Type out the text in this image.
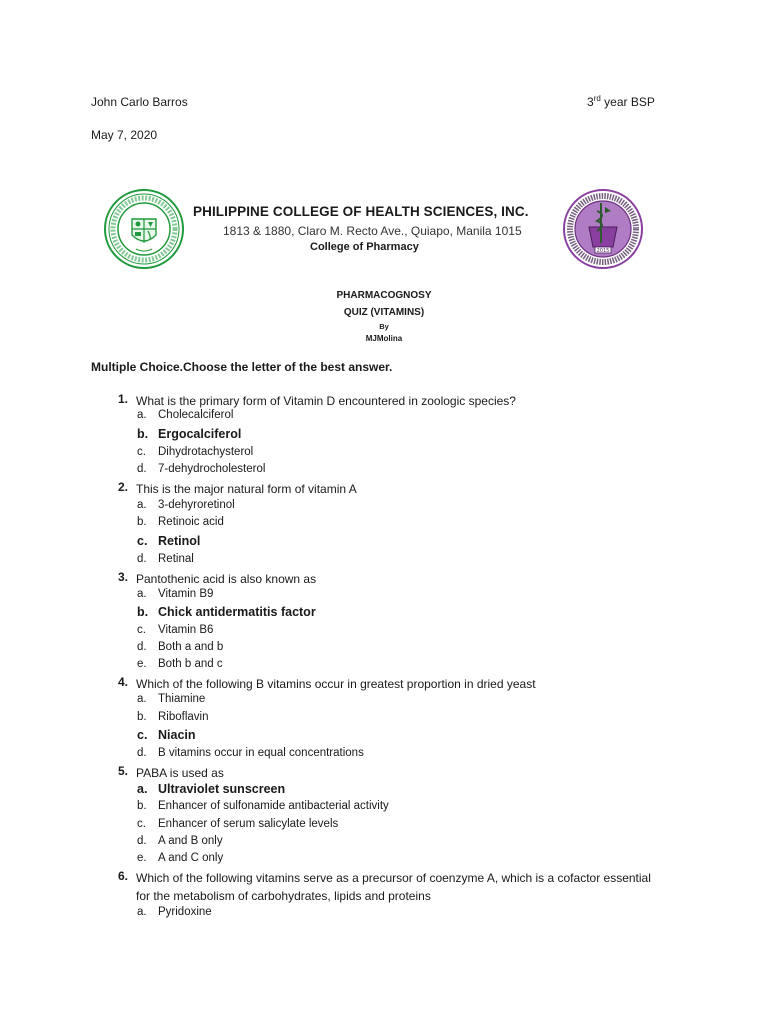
John Carlo Barros	3rd year BSP
May 7, 2020
2015
PHILIPPINE COLLEGE OF HEALTH SCIENCES, INC.
1813 & 1880, Claro M. Recto Ave., Quiapo, Manila 1015
College of Pharmacy
PHARMACOGNOSY
QUIZ (VITAMINS)
By
MJMolina
Multiple Choice.Choose the letter of the best answer.
1. What is the primary form of Vitamin D encountered in zoologic species?
a. Cholecalciferol
b. Ergocalciferol
c. Dihydrotachysterol
d. 7-dehydrocholesterol
2. This is the major natural form of vitamin A
a. 3-dehyroretinol
b. Retinoic acid
c. Retinol
d. Retinal
3. Pantothenic acid is also known as
a. Vitamin B9
b. Chick antidermatitis factor
c. Vitamin B6
d. Both a and b
e. Both b and c
4. Which of the following B vitamins occur in greatest proportion in dried yeast
a. Thiamine
b. Riboflavin
c. Niacin
d. B vitamins occur in equal concentrations
5. PABA is used as
a. Ultraviolet sunscreen
b. Enhancer of sulfonamide antibacterial activity
c. Enhancer of serum salicylate levels
d. A and B only
e. A and C only
6. Which of the following vitamins serve as a precursor of coenzyme A, which is a cofactor essential for the metabolism of carbohydrates, lipids and proteins
a. Pyridoxine
